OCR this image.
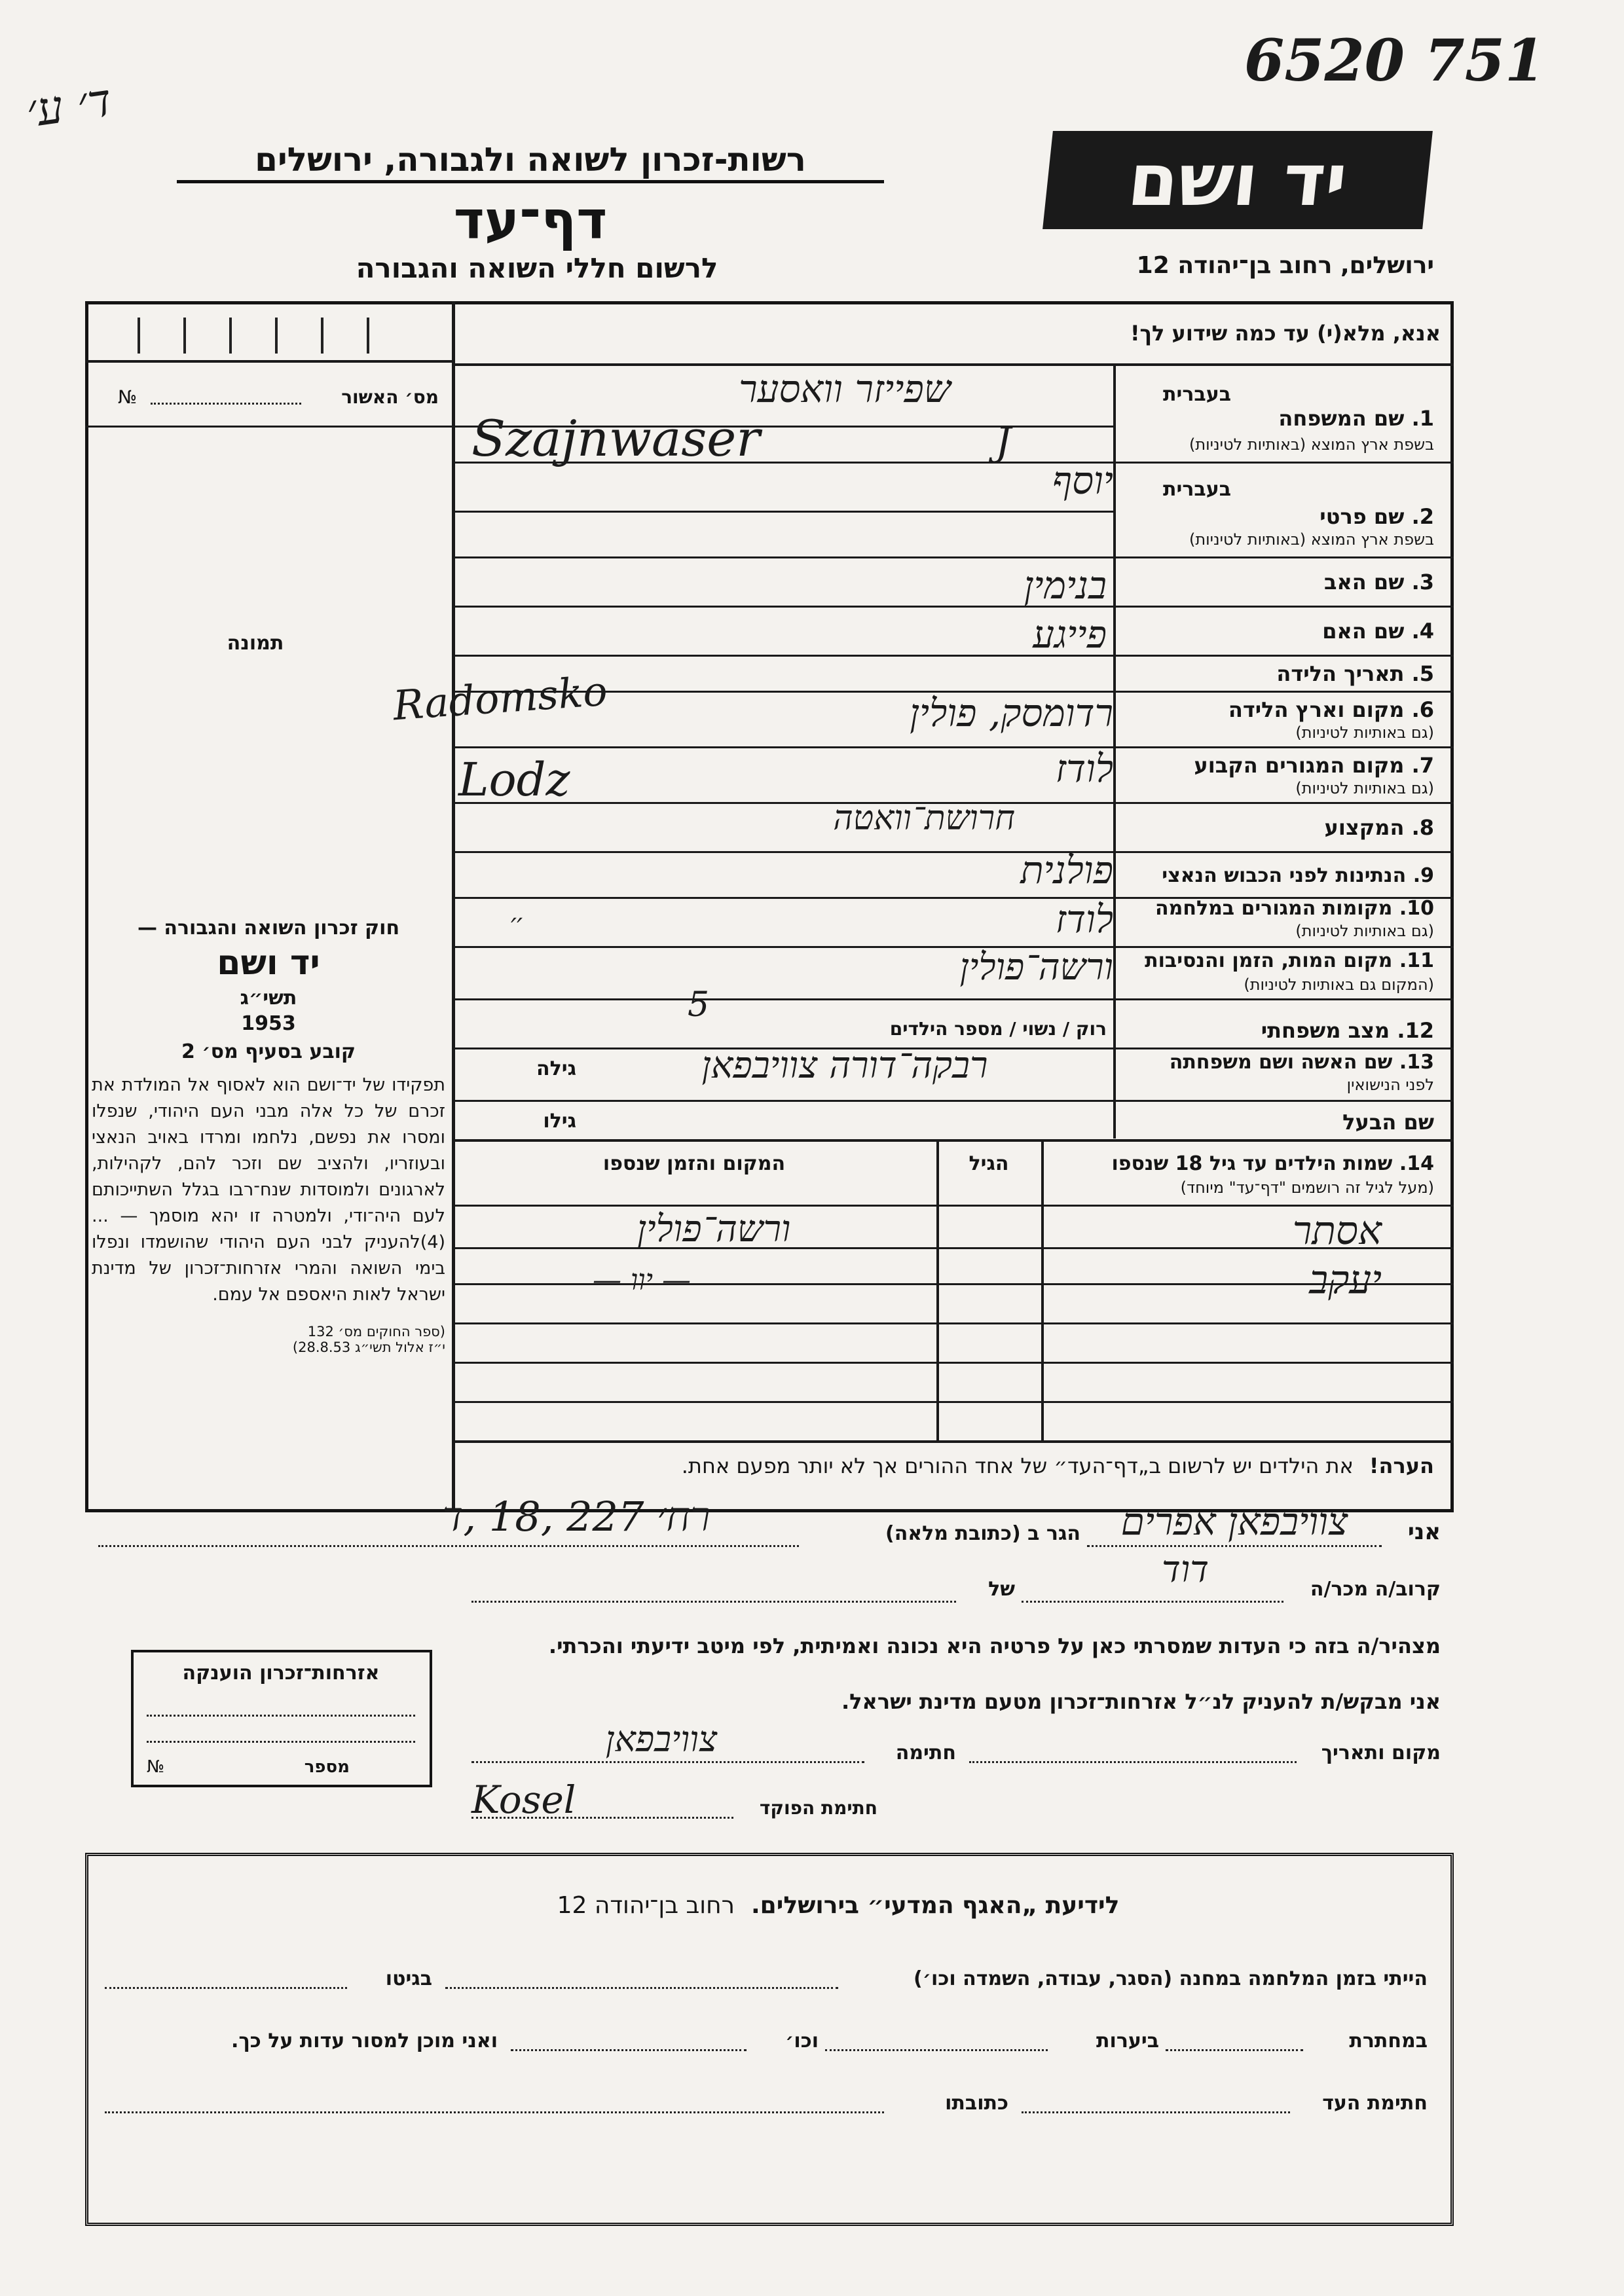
ד׳ ע׳
6520 751
רשות-זכרון לשואה ולגבורה, ירושלים
דף־עד
לרשום חללי השואה והגבורה
יד ושם
ירושלים, רחוב בן־יהודה 12
מס׳ האשור
№
תמונה
חוק זכרון השואה והגבורה —
יד ושם
תשי״ג
1953
קובע בסעיף מס׳ 2
תפקידו של יד־ושם הוא לאסוף אל המולדת את זכרם של כל אלה מבני העם היהודי, שנפלו ומסרו את נפשם, נלחמו ומרדו באויב הנאצי ובעוזריו, ולהציב שם וזכר להם, לקהילות, לארגונים ולמוסדות שנח־רבו בגלל השתייכותם לעם היה־ודי, ולמטרה זו יהא מוסמך — ...(4)להעניק לבני העם היהודי שהושמדו ונפלו בימי השואה והמרי אזרחות־זכרון של מדינת ישראל לאות היאספם אל עמם.
(ספר החוקים מס׳ 132
י״ז אלול תשי״ג 28.8.53)
אנא, מלא(י) עד כמה שידוע לך!
בעברית
1. שם המשפחה
בשפת ארץ המוצא (באותיות לטיניות)
שפייזר וואסער
Szajnwaser
בעברית
2. שם פרטי
בשפת ארץ המוצא (באותיות לטיניות)
יוסף
J
3. שם האב
בנימין
4. שם האם
פייגע
5. תאריך הלידה
6. מקום וארץ הלידה
(גם באותיות לטיניות)
רדומסק, פולין
Radomsko
7. מקום המגורים הקבוע
(גם באותיות לטיניות)
לודז
Lodz
8. המקצוע
חרושת־וואטה
9. הנתינות לפני הכבוש הנאצי
פולנית
10. מקומות המגורים במלחמה
(גם באותיות לטיניות)
לודז
′′
11. מקום המות, הזמן והנסיבות
(המקום גם באותיות לטיניות)
ורשה־פולין
12. מצב משפחתי
רוק / נשוי / מספר הילדים
5
13. שם האשה ושם משפחתה
לפני הנישואין
גילה	רבקה־דורה צוויבפאן
שם הבעל
גילו
14. שמות הילדים עד גיל 18 שנספו
(מעל לגיל זה רושמים "דף־עד" מיוחד)
הגיל
המקום והזמן שנספו
אסתר
יעקב
ורשה־פולין
— יוו —
הערה!את הילדים יש לרשום ב„דף־העד״ של אחד ההורים אך לא יותר מפעם אחת.
אני
צוויבפאן אפרים
הגר ב (כתובת מלאה)
רח׳ 227 ,18 ,ד
קרוב/ה מכר/ה
דוד
של
מצהיר/ה בזה כי העדות שמסרתי כאן על פרטיה היא נכונה ואמיתית, לפי מיטב ידיעתי והכרתי.
אני מבקש/ת להעניק לנ״ל אזרחות־זכרון מטעם מדינת ישראל.
מקום ותאריך
חתימה
צוויבפאן
חתימת הפוקד
Kosel
אזרחות־זכרון הוענקה
מספר
№
לידיעת „האגף המדעי״ בירושלים.  רחוב בן־יהודה 12
הייתי בזמן המלחמה במחנה (הסגר, עבודה, השמדה וכו׳)
בגיטו
במחתרת
ביערות
וכו׳
ואני מוכן למסור עדות על כך.
חתימת העד
כתובתו
